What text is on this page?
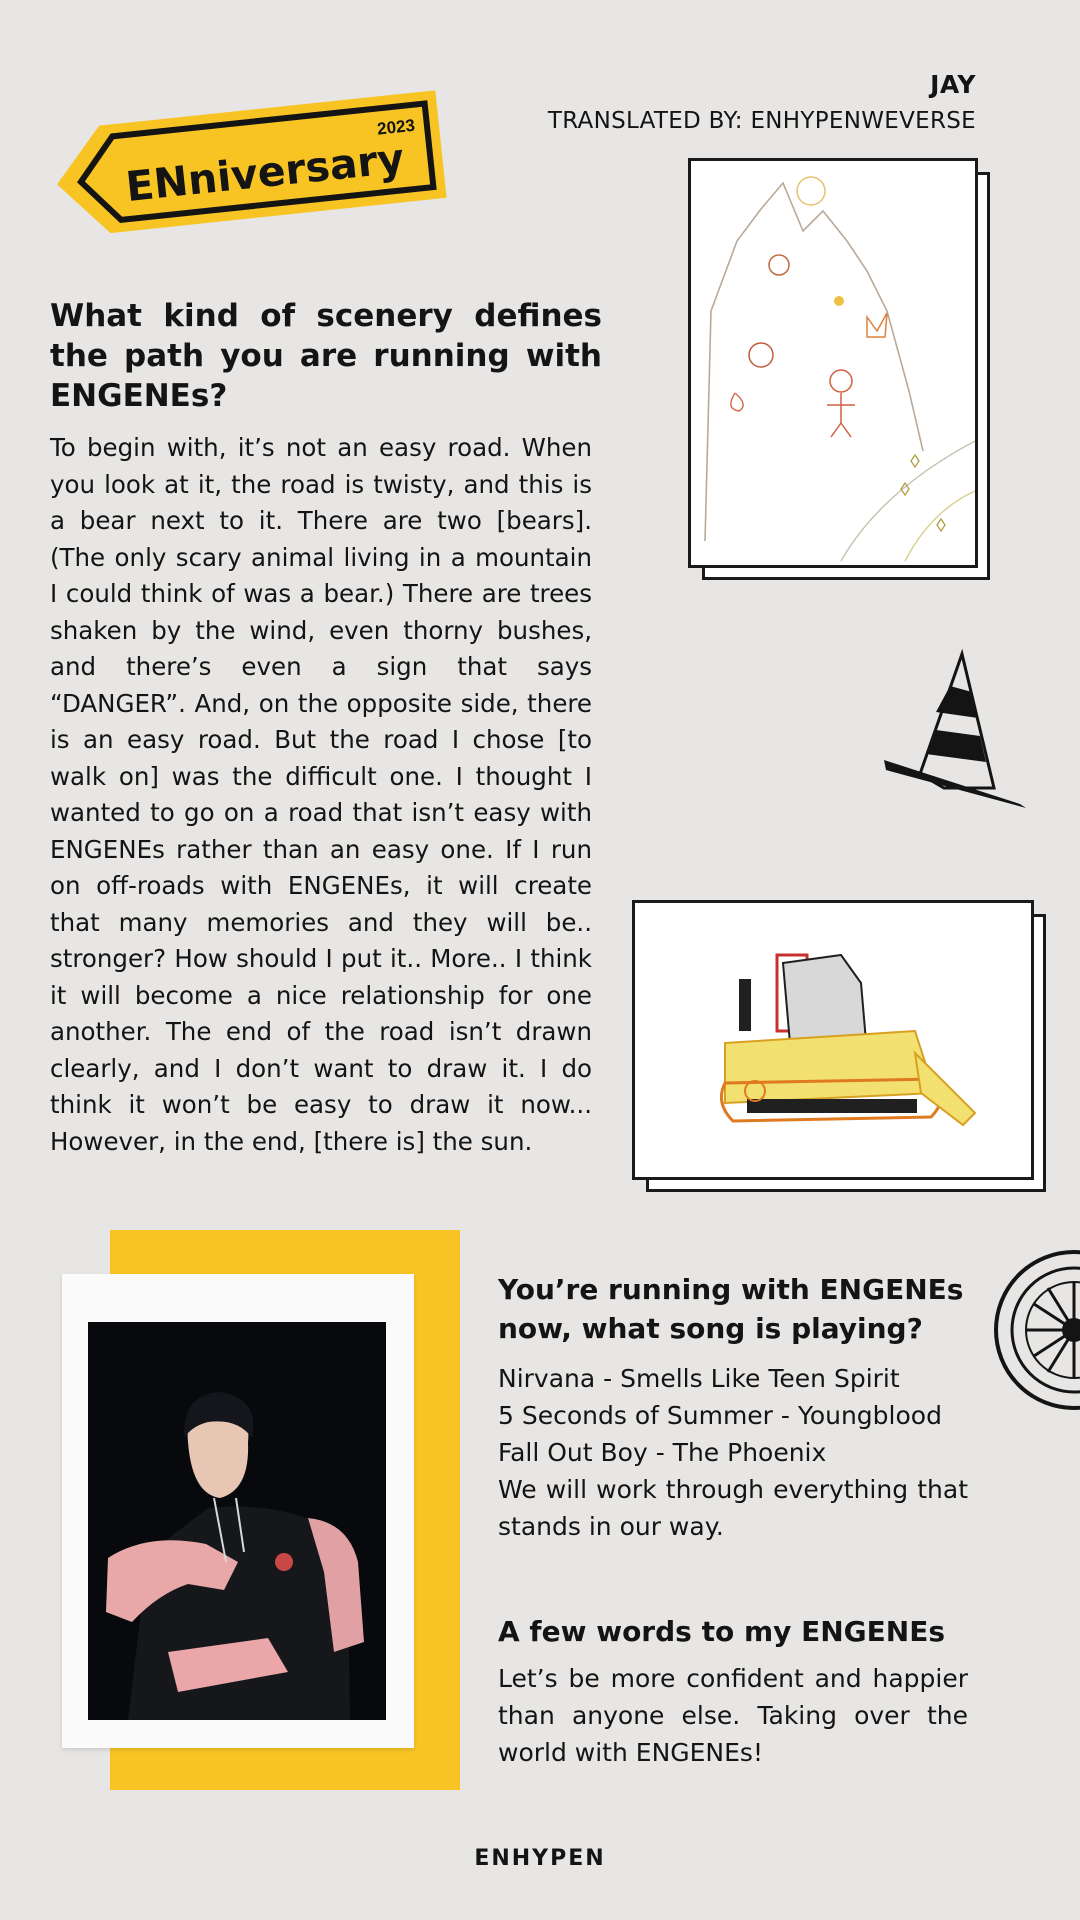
2023
ENniversary
JAY
TRANSLATED BY: ENHYPENWEVERSE
What kind of scenery defines the path you are running with ENGENEs?
To begin with, it’s not an easy road. When you look at it, the road is twisty, and this is a bear next to it. There are two [bears]. (The only scary animal living in a mountain I could think of was a bear.) There are trees shaken by the wind, even thorny bushes, and there’s even a sign that says “DANGER”. And, on the opposite side, there is an easy road. But the road I chose [to walk on] was the difficult one. I thought I wanted to go on a road that isn’t easy with ENGENEs rather than an easy one. If I run on off-roads with ENGENEs, it will create that many memories and they will be.. stronger? How should I put it.. More.. I think it will become a nice relationship for one another. The end of the road isn’t drawn clearly, and I don’t want to draw it. I do think it won’t be easy to draw it now... However, in the end, [there is] the sun.
You’re running with ENGENEs now, what song is playing?
Nirvana - Smells Like Teen Spirit
5 Seconds of Summer - Youngblood
Fall Out Boy - The Phoenix
We will work through everything that stands in our way.
A few words to my ENGENEs
Let’s be more confident and happier than anyone else. Taking over the world with ENGENEs!
ENHYPEN
